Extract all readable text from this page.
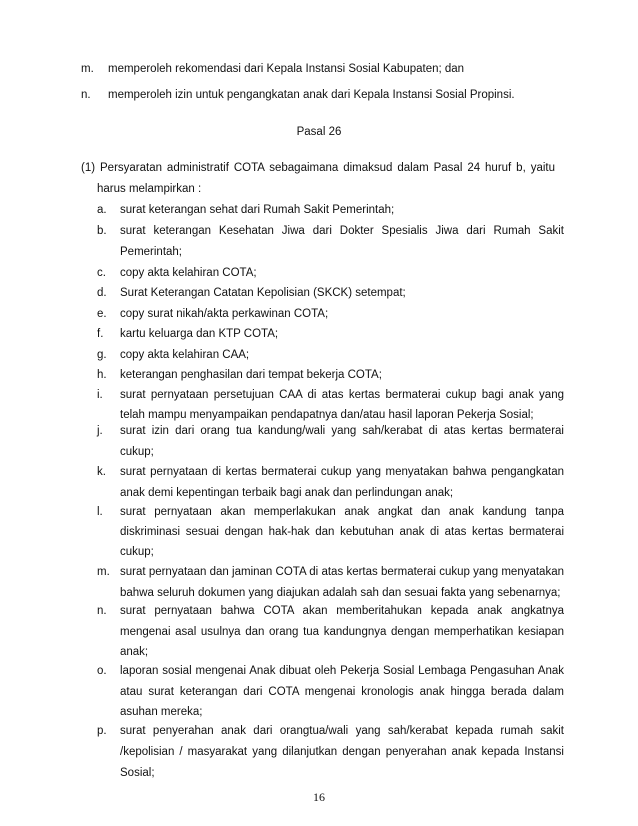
m. memperoleh rekomendasi dari Kepala Instansi Sosial Kabupaten; dan
n. memperoleh izin untuk pengangkatan anak dari Kepala Instansi Sosial Propinsi.
Pasal 26
(1) Persyaratan administratif COTA sebagaimana dimaksud dalam Pasal 24 huruf b, yaitu
harus melampirkan :
a. surat keterangan sehat dari Rumah Sakit Pemerintah;
b. surat keterangan Kesehatan Jiwa dari Dokter Spesialis Jiwa dari Rumah Sakit
Pemerintah;
c. copy akta kelahiran COTA;
d. Surat Keterangan Catatan Kepolisian (SKCK) setempat;
e. copy surat nikah/akta perkawinan COTA;
f. kartu keluarga dan KTP COTA;
g. copy akta kelahiran CAA;
h. keterangan penghasilan dari tempat bekerja COTA;
i. surat pernyataan persetujuan CAA di atas kertas bermaterai cukup bagi anak yang
telah mampu menyampaikan pendapatnya dan/atau hasil laporan Pekerja Sosial;
j. surat izin dari orang tua kandung/wali yang sah/kerabat di atas kertas bermaterai
cukup;
k. surat pernyataan di kertas bermaterai cukup yang menyatakan bahwa pengangkatan
anak demi kepentingan terbaik bagi anak dan perlindungan anak;
l. surat pernyataan akan memperlakukan anak angkat dan anak kandung tanpa
diskriminasi sesuai dengan hak-hak dan kebutuhan anak di atas kertas bermaterai
cukup;
m. surat pernyataan dan jaminan COTA di atas kertas bermaterai cukup yang menyatakan
bahwa seluruh dokumen yang diajukan adalah sah dan sesuai fakta yang sebenarnya;
n. surat pernyataan bahwa COTA akan memberitahukan kepada anak angkatnya
mengenai asal usulnya dan orang tua kandungnya dengan memperhatikan kesiapan
anak;
o. laporan sosial mengenai Anak dibuat oleh Pekerja Sosial Lembaga Pengasuhan Anak
atau surat keterangan dari COTA mengenai kronologis anak hingga berada dalam
asuhan mereka;
p. surat penyerahan anak dari orangtua/wali yang sah/kerabat kepada rumah sakit
/kepolisian / masyarakat yang dilanjutkan dengan penyerahan anak kepada Instansi
Sosial;
16
